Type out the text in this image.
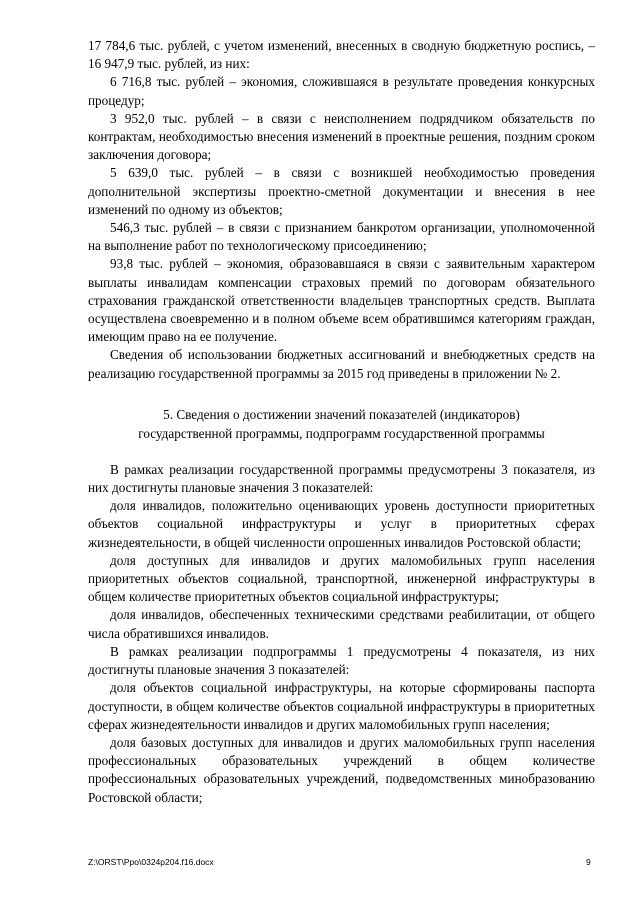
17 784,6 тыс. рублей, с учетом изменений, внесенных в сводную бюджетную роспись, – 16 947,9 тыс. рублей, из них:

6 716,8 тыс. рублей – экономия, сложившаяся в результате проведения конкурсных процедур;

3 952,0 тыс. рублей – в связи с неисполнением подрядчиком обязательств по контрактам, необходимостью внесения изменений в проектные решения, поздним сроком заключения договора;

5 639,0 тыс. рублей – в связи с возникшей необходимостью проведения дополнительной экспертизы проектно-сметной документации и внесения в нее изменений по одному из объектов;

546,3 тыс. рублей – в связи с признанием банкротом организации, уполномоченной на выполнение работ по технологическому присоединению;

93,8 тыс. рублей – экономия, образовавшаяся в связи с заявительным характером выплаты инвалидам компенсации страховых премий по договорам обязательного страхования гражданской ответственности владельцев транспортных средств. Выплата осуществлена своевременно и в полном объеме всем обратившимся категориям граждан, имеющим право на ее получение.

Сведения об использовании бюджетных ассигнований и внебюджетных средств на реализацию государственной программы за 2015 год приведены в приложении № 2.

5. Сведения о достижении значений показателей (индикаторов)
государственной программы, подпрограмм государственной программы

В рамках реализации государственной программы предусмотрены 3 показателя, из них достигнуты плановые значения 3 показателей:

доля инвалидов, положительно оценивающих уровень доступности приоритетных объектов социальной инфраструктуры и услуг в приоритетных сферах жизнедеятельности, в общей численности опрошенных инвалидов Ростовской области;

доля доступных для инвалидов и других маломобильных групп населения приоритетных объектов социальной, транспортной, инженерной инфраструктуры в общем количестве приоритетных объектов социальной инфраструктуры;

доля инвалидов, обеспеченных техническими средствами реабилитации, от общего числа обратившихся инвалидов.

В рамках реализации подпрограммы 1 предусмотрены 4 показателя, из них достигнуты плановые значения 3 показателей:

доля объектов социальной инфраструктуры, на которые сформированы паспорта доступности, в общем количестве объектов социальной инфраструктуры в приоритетных сферах жизнедеятельности инвалидов и других маломобильных групп населения;

доля базовых доступных для инвалидов и других маломобильных групп населения профессиональных образовательных учреждений в общем количестве профессиональных образовательных учреждений, подведомственных минобразованию Ростовской области;

Z:\ORST\Ppo\0324p204.f16.docx	9
